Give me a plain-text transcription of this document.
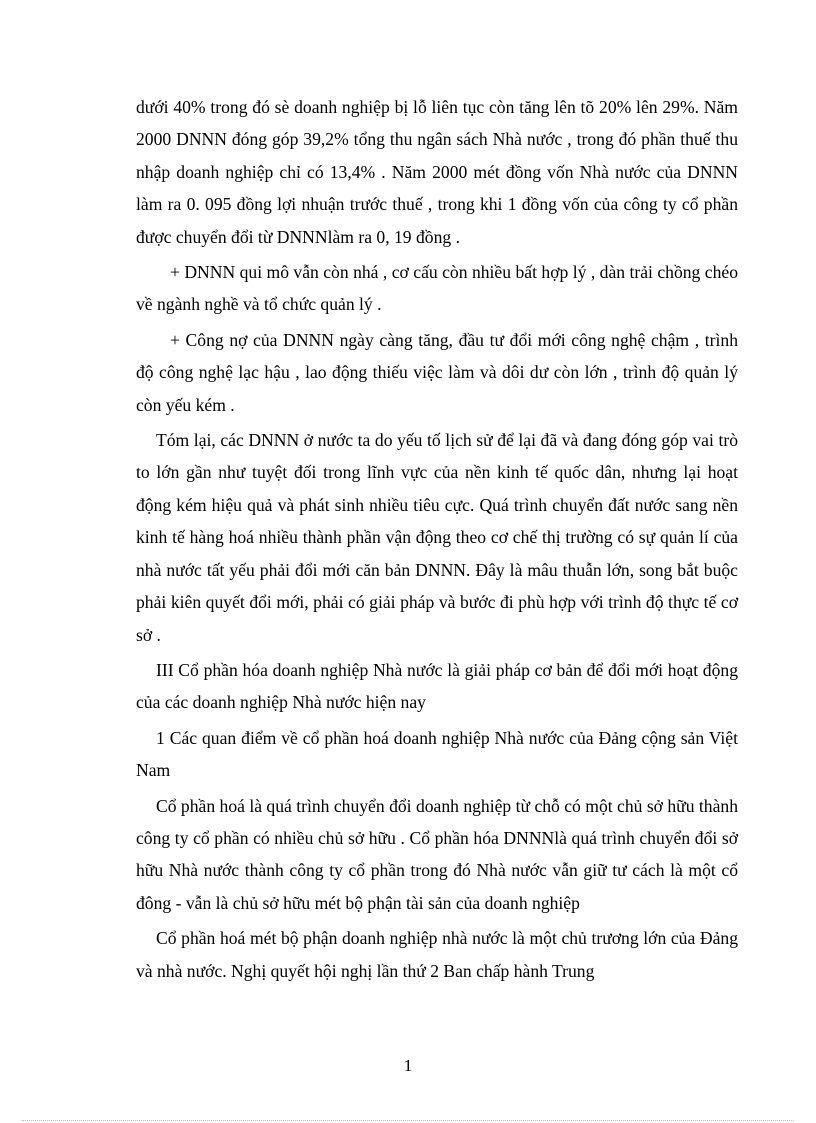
dưới 40% trong đó sè doanh nghiệp bị lỗ liên tục còn tăng lên tõ 20% lên 29%. Năm 2000 DNNN đóng góp 39,2% tổng thu ngân sách Nhà nước , trong đó phần thuế thu nhập doanh nghiệp chỉ có 13,4% . Năm 2000 mét đồng vốn Nhà nước của DNNN làm ra 0. 095 đồng lợi nhuận trước thuế , trong khi 1 đồng vốn của công ty cổ phần được chuyển đổi từ DNNNlàm ra 0, 19 đồng .

+ DNNN qui mô vẫn còn nhá , cơ cấu còn nhiều bất hợp lý , dàn trải chồng chéo về ngành nghề và tổ chức quản lý .

+ Công nợ của DNNN ngày càng tăng, đầu tư đổi mới công nghệ chậm , trình độ công nghệ lạc hậu , lao động thiếu việc làm và dôi dư còn lớn , trình độ quản lý còn yếu kém .

Tóm lại, các DNNN ở nước ta do yếu tố lịch sử để lại đã và đang đóng góp vai trò to lớn gần như tuyệt đối trong lĩnh vực của nền kinh tế quốc dân, nhưng lại hoạt động kém hiệu quả và phát sinh nhiều tiêu cực. Quá trình chuyển đất nước sang nền kinh tế hàng hoá nhiều thành phần vận động theo cơ chế thị trường có sự quản lí của nhà nước tất yếu phải đổi mới căn bản DNNN. Đây là mâu thuẫn lớn, song bắt buộc phải kiên quyết đổi mới, phải có giải pháp và bước đi phù hợp với trình độ thực tế cơ sở .

III Cổ phần hóa doanh nghiệp Nhà nước là giải pháp cơ bản để đổi mới hoạt động của các doanh nghiệp Nhà nước hiện nay

1 Các quan điểm về cổ phần hoá doanh nghiệp Nhà nước của Đảng cộng sản Việt Nam

Cổ phần hoá là quá trình chuyển đổi doanh nghiệp từ chỗ có một chủ sở hữu thành công ty cổ phần có nhiều chủ sở hữu . Cổ phần hóa DNNNlà quá trình chuyển đổi sở hữu Nhà nước thành công ty cổ phần trong đó Nhà nước vẫn giữ tư cách là một cổ đông - vẫn là chủ sở hữu mét bộ phận tài sản của doanh nghiệp

Cổ phần hoá mét bộ phận doanh nghiệp nhà nước là một chủ trương lớn của Đảng và nhà nước. Nghị quyết hội nghị lần thứ 2 Ban chấp hành Trung

1
